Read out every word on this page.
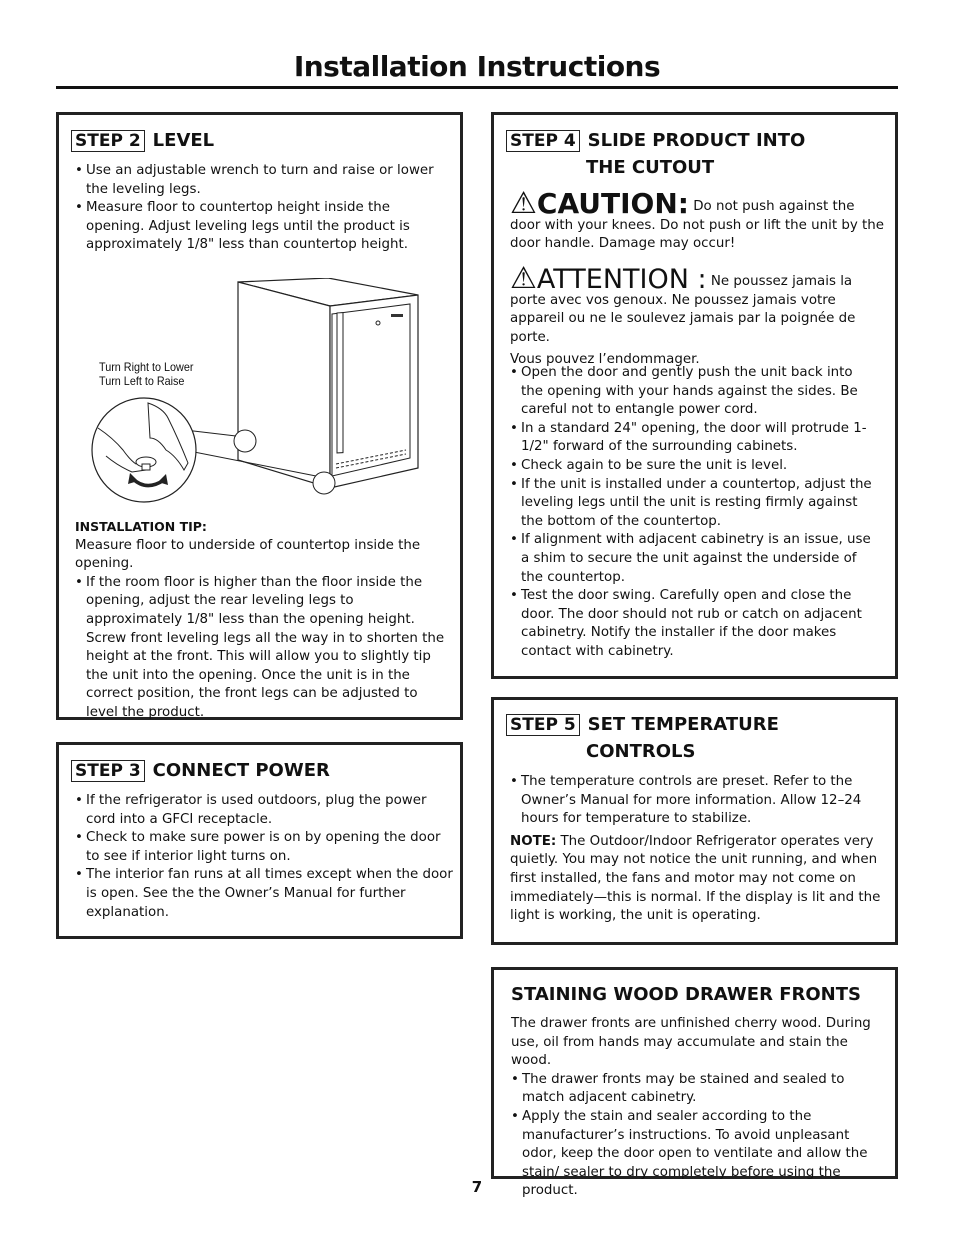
Installation Instructions
STEP 2 LEVEL
• Use an adjustable wrench to turn and raise or lower the leveling legs.
• Measure floor to countertop height inside the opening. Adjust leveling legs until the product is approximately 1/8" less than countertop height.
Turn Right to Lower
Turn Left to Raise

INSTALLATION TIP:

Measure floor to underside of countertop inside the opening.

• If the room floor is higher than the floor inside the opening, adjust the rear leveling legs to approximately 1/8" less than the opening height. Screw front leveling legs all the way in to shorten the height at the front. This will allow you to slightly tip the unit into the opening. Once the unit is in the correct position, the front legs can be adjusted to level the product.
STEP 3 CONNECT POWER
• If the refrigerator is used outdoors, plug the power cord into a GFCI receptacle.
• Check to make sure power is on by opening the door to see if interior light turns on.
• The interior fan runs at all times except when the door is open. See the the Owner’s Manual for further explanation.
STEP 4 SLIDE PRODUCT INTO
THE CUTOUT

⚠CAUTION: Do not push against the door with your knees. Do not push or lift the unit by the door handle. Damage may occur!

⚠ATTENTION : Ne poussez jamais la porte avec vos genoux. Ne poussez jamais votre appareil ou ne le soulevez jamais par la poignée de porte.

Vous pouvez l’endommager.

• Open the door and gently push the unit back into the opening with your hands against the sides. Be careful not to entangle power cord.
• In a standard 24" opening, the door will protrude 1-1/2" forward of the surrounding cabinets.
• Check again to be sure the unit is level.
• If the unit is installed under a countertop, adjust the leveling legs until the unit is resting firmly against the bottom of the countertop.
• If alignment with adjacent cabinetry is an issue, use a shim to secure the unit against the underside of the countertop.
• Test the door swing. Carefully open and close the door. The door should not rub or catch on adjacent cabinetry. Notify the installer if the door makes contact with cabinetry.
STEP 5 SET TEMPERATURE
CONTROLS
• The temperature controls are preset. Refer to the Owner’s Manual for more information. Allow 12–24 hours for temperature to stabilize.

NOTE: The Outdoor/Indoor Refrigerator operates very quietly. You may not notice the unit running, and when first installed, the fans and motor may not come on immediately—this is normal. If the display is lit and the light is working, the unit is operating.

STAINING WOOD DRAWER FRONTS

The drawer fronts are unfinished cherry wood. During use, oil from hands may accumulate and stain the wood.

• The drawer fronts may be stained and sealed to match adjacent cabinetry.
• Apply the stain and sealer according to the manufacturer’s instructions. To avoid unpleasant odor, keep the door open to ventilate and allow the stain/ sealer to dry completely before using the product.
7
